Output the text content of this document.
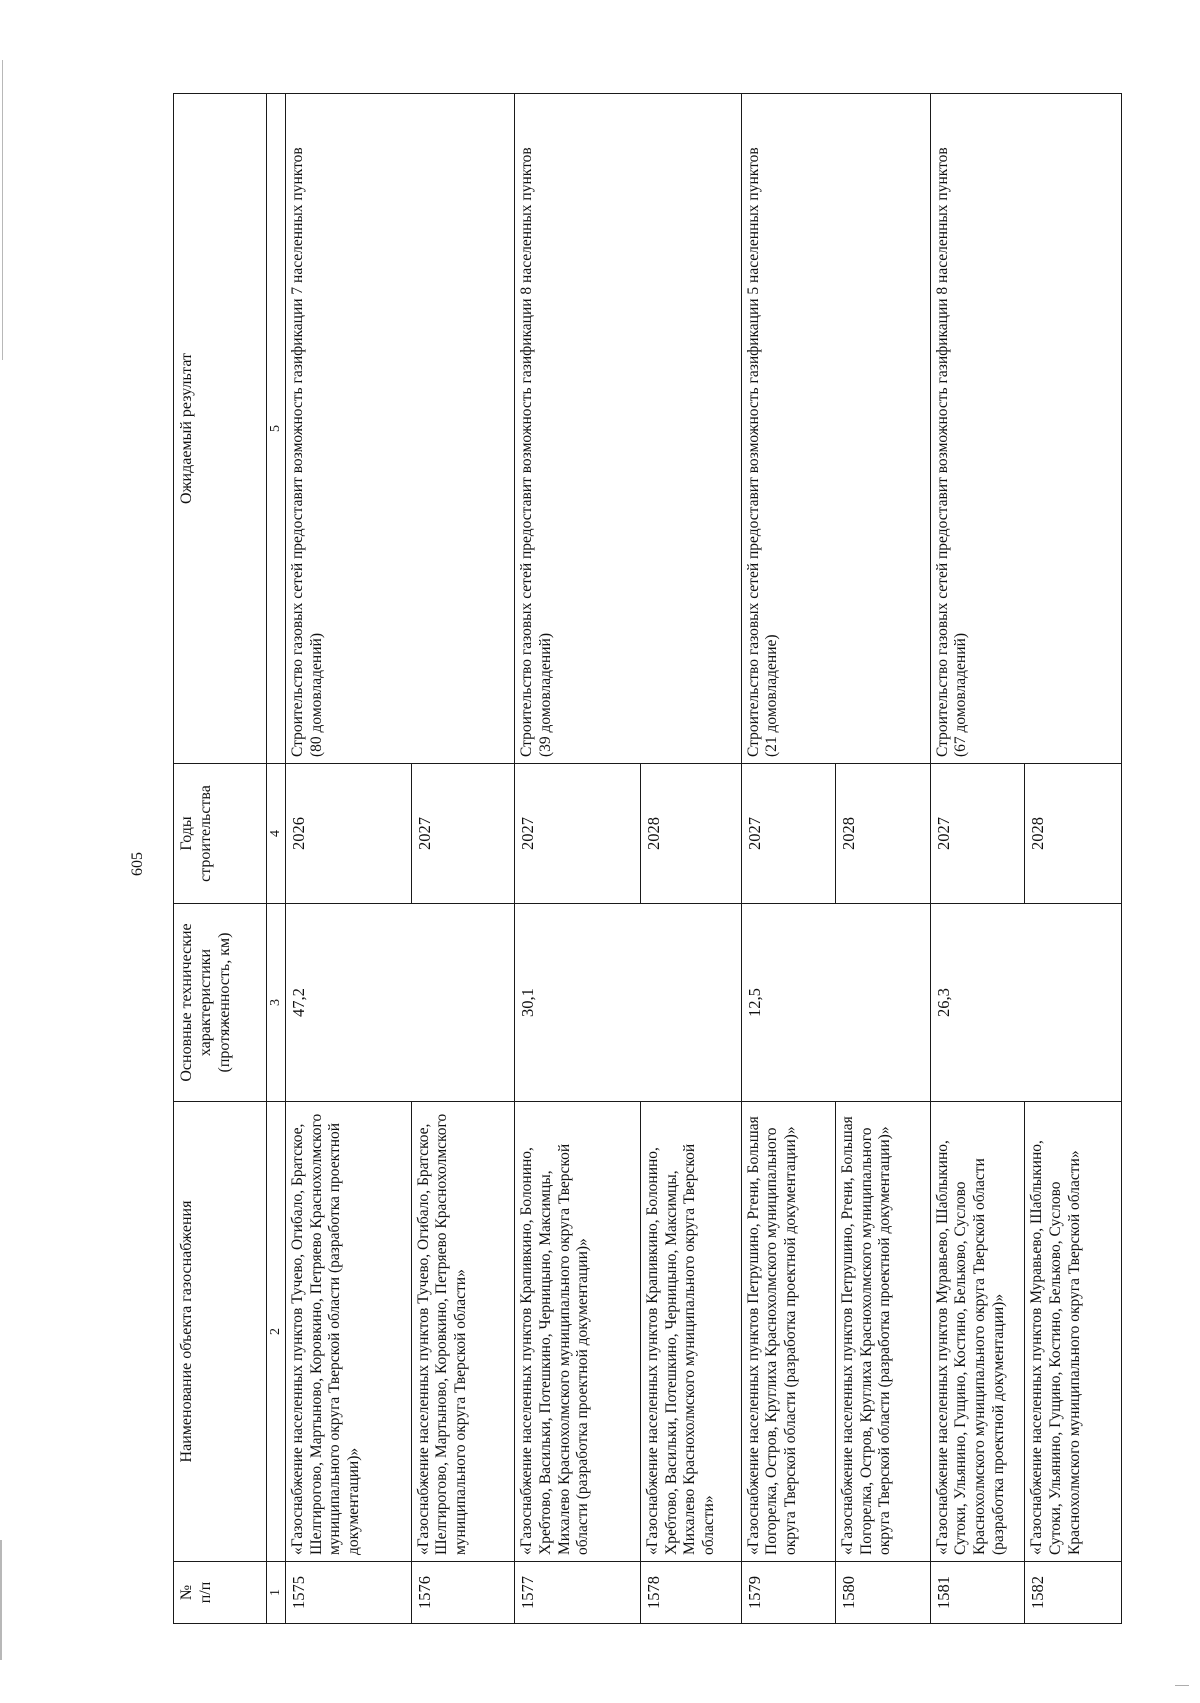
605
№
п/п	Наименование объекта газоснабжения	Основные технические
характеристики
(протяженность, км)	Годы
строительства	Ожидаемый результат
1	2	3	4	5
1575	«Газоснабжение населенных пунктов Тучево, Огибало, Братское, Шелгирогово, Мартыново, Коровкино, Петряево Краснохолмского муниципального округа Тверской области (разработка проектной документации)»	47,2	2026	Строительство газовых сетей предоставит возможность газификации 7 населенных пунктов
(80 домовладений)
1576	«Газоснабжение населенных пунктов Тучево, Огибало, Братское, Шелгирогово, Мартыново, Коровкино, Петряево Краснохолмского муниципального округа Тверской области»		2027	
1577	«Газоснабжение населенных пунктов Крапивкино, Болонино, Хребтово, Васильки, Потешкино, Черницыно, Максимцы, Михалево Краснохолмского муниципального округа Тверской области (разработка проектной документации)»	30,1	2027	Строительство газовых сетей предоставит возможность газификации 8 населенных пунктов
(39 домовладений)
1578	«Газоснабжение населенных пунктов Крапивкино, Болонино, Хребтово, Васильки, Потешкино, Черницыно, Максимцы, Михалево Краснохолмского муниципального округа Тверской области»		2028	
1579	«Газоснабжение населенных пунктов Петрушино, Ргени, Большая Погорелка, Остров, Круглиха Краснохолмского муниципального округа Тверской области (разработка проектной документации)»	12,5	2027	Строительство газовых сетей предоставит возможность газификации 5 населенных пунктов
(21 домовладение)
1580	«Газоснабжение населенных пунктов Петрушино, Ргени, Большая Погорелка, Остров, Круглиха Краснохолмского муниципального округа Тверской области (разработка проектной документации)»		2028	
1581	«Газоснабжение населенных пунктов Муравьево, Шаблыкино, Сутоки, Ульянино, Гущино, Костино, Бельково, Суслово Краснохолмского муниципального округа Тверской области (разработка проектной документации)»	26,3	2027	Строительство газовых сетей предоставит возможность газификации 8 населенных пунктов
(67 домовладений)
1582	«Газоснабжение населенных пунктов Муравьево, Шаблыкино, Сутоки, Ульянино, Гущино, Костино, Бельково, Суслово Краснохолмского муниципального округа Тверской области»		2028	
